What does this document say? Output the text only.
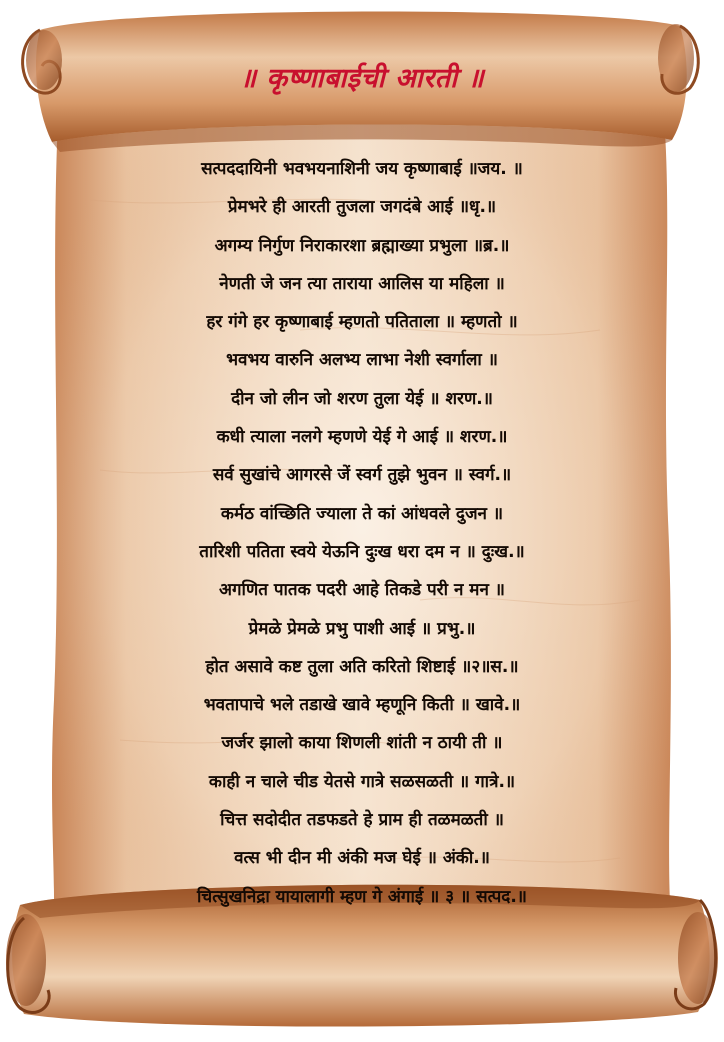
॥ कृष्णाबाईची आरती ॥
सत्पददायिनी भवभयनाशिनी जय कृष्णाबाई ॥जय. ॥
प्रेमभरे ही आरती तुजला जगदंबे आई ॥धृ.॥
अगम्य निर्गुण निराकारशा ब्रह्माख्या प्रभुला ॥ब्र.॥
नेणती जे जन त्या ताराया आलिस या महिला ॥
हर गंगे हर कृष्णाबाई म्हणतो पतिताला ॥ म्हणतो ॥
भवभय वारुनि अलभ्य लाभा नेशी स्वर्गाला ॥
दीन जो लीन जो शरण तुला येई ॥ शरण.॥
कधी त्याला नलगे म्हणणे येई गे आई ॥ शरण.॥
सर्व सुखांचे आगरसे जें स्वर्ग तुझे भुवन ॥ स्वर्ग.॥
कर्मठ वांच्छिति ज्याला ते कां आंधवले दुजन ॥
तारिशी पतिता स्वये येऊनि दुःख धरा दम न ॥ दुःख.॥
अगणित पातक पदरी आहे तिकडे परी न मन ॥
प्रेमळे प्रेमळे प्रभु पाशी आई ॥ प्रभु.॥
होत असावे कष्ट तुला अति करितो शिष्टाई ॥२॥स.॥
भवतापाचे भले तडाखे खावे म्हणूनि किती ॥ खावे.॥
जर्जर झालो काया शिणली शांती न ठायी ती ॥
काही न चाले चीड येतसे गात्रे सळसळती ॥ गात्रे.॥
चित्त सदोदीत तडफडते हे प्राम ही तळमळती ॥
वत्स भी दीन मी अंकी मज घेई ॥ अंकी.॥
चित्सुखनिद्रा यायालागी म्हण गे अंगाई ॥ ३ ॥ सत्पद.॥
